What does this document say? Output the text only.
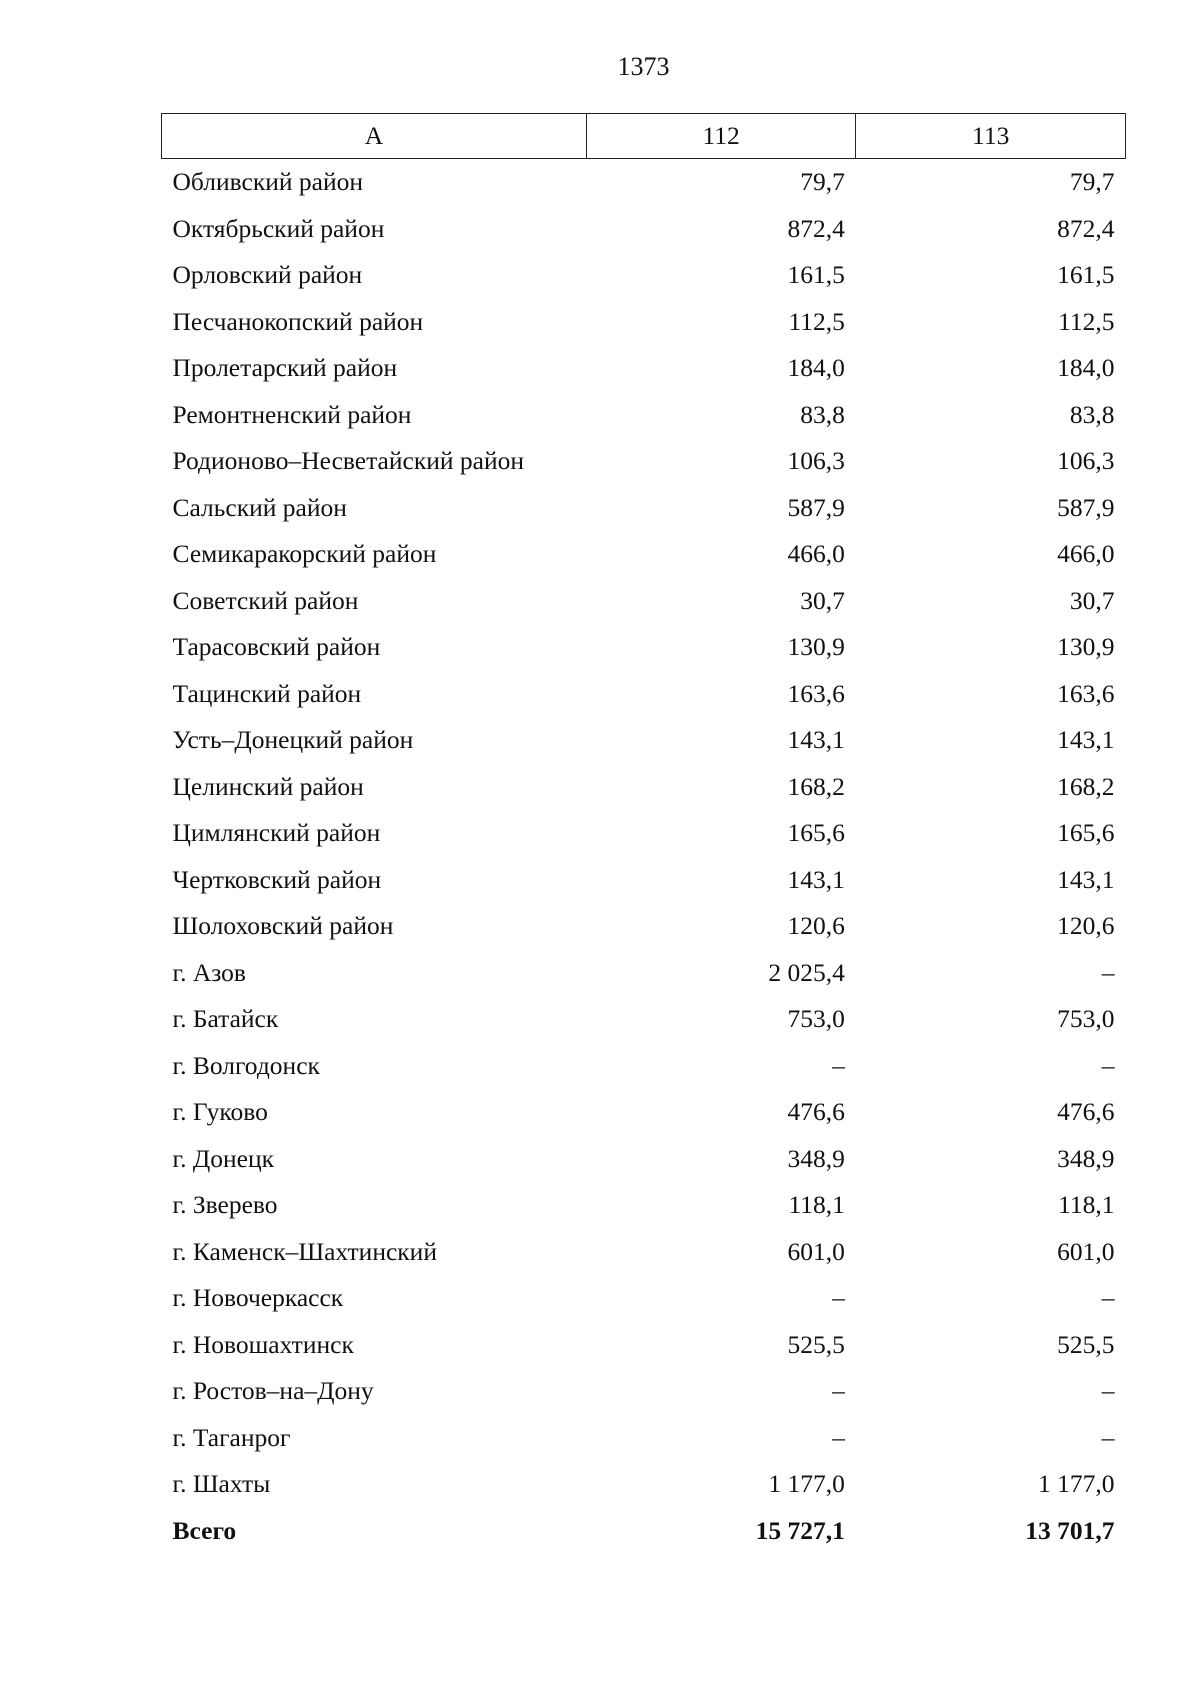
1373
А	112	113
Обливский район	79,7	79,7
Октябрьский район	872,4	872,4
Орловский район	161,5	161,5
Песчанокопский район	112,5	112,5
Пролетарский район	184,0	184,0
Ремонтненский район	83,8	83,8
Родионово–Несветайский район	106,3	106,3
Сальский район	587,9	587,9
Семикаракорский район	466,0	466,0
Советский район	30,7	30,7
Тарасовский район	130,9	130,9
Тацинский район	163,6	163,6
Усть–Донецкий район	143,1	143,1
Целинский район	168,2	168,2
Цимлянский район	165,6	165,6
Чертковский район	143,1	143,1
Шолоховский район	120,6	120,6
г. Азов	2 025,4	–
г. Батайск	753,0	753,0
г. Волгодонск	–	–
г. Гуково	476,6	476,6
г. Донецк	348,9	348,9
г. Зверево	118,1	118,1
г. Каменск–Шахтинский	601,0	601,0
г. Новочеркасск	–	–
г. Новошахтинск	525,5	525,5
г. Ростов–на–Дону	–	–
г. Таганрог	–	–
г. Шахты	1 177,0	1 177,0
Всего	15 727,1	13 701,7
